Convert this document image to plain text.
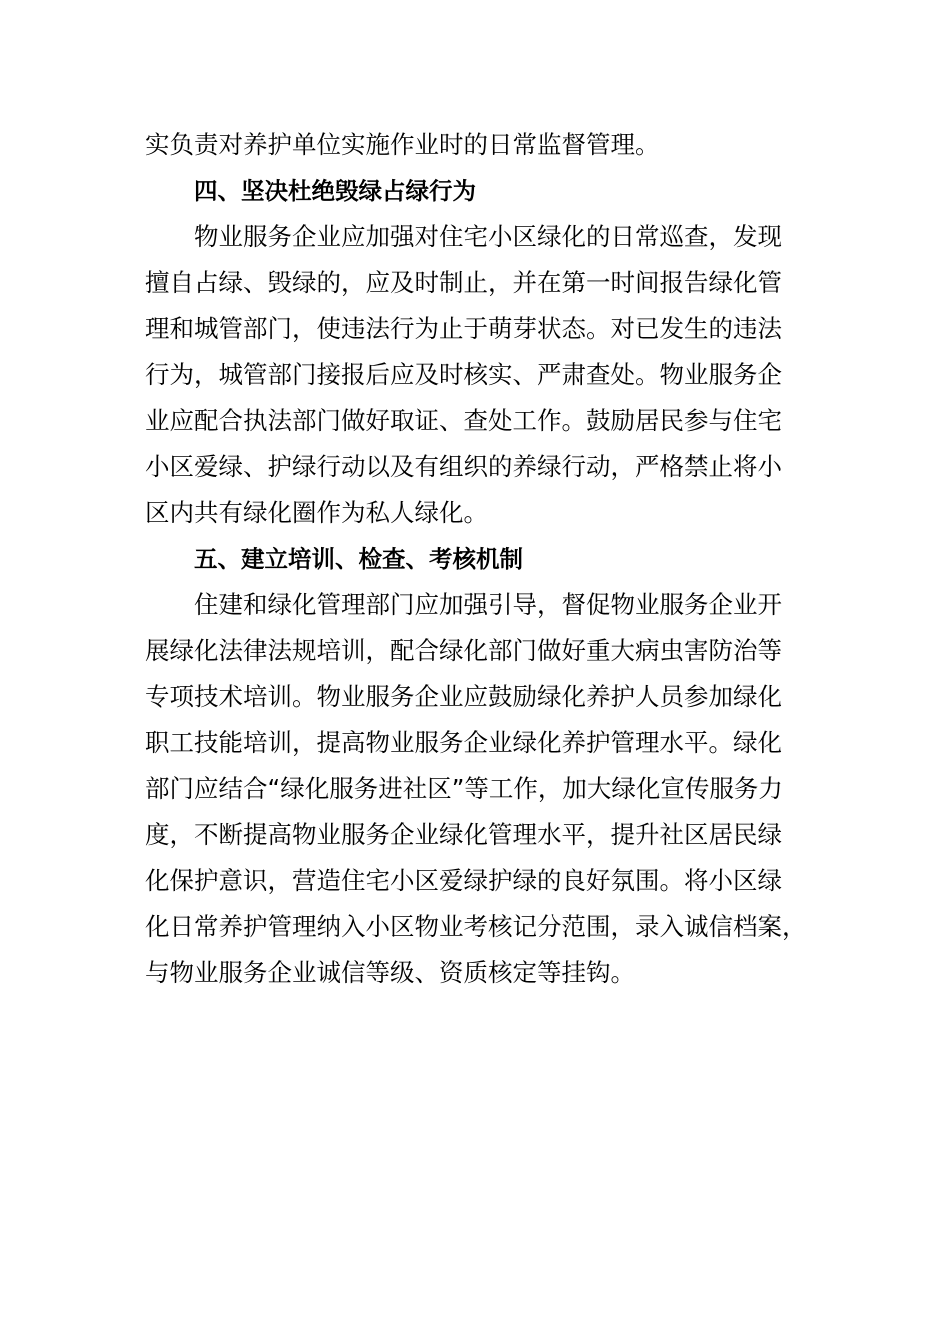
实负责对养护单位实施作业时的日常监督管理。
四、坚决杜绝毁绿占绿行为
物业服务企业应加强对住宅小区绿化的日常巡查，发现
擅自占绿、毁绿的，应及时制止，并在第一时间报告绿化管
理和城管部门，使违法行为止于萌芽状态。对已发生的违法
行为，城管部门接报后应及时核实、严肃查处。物业服务企
业应配合执法部门做好取证、查处工作。鼓励居民参与住宅
小区爱绿、护绿行动以及有组织的养绿行动，严格禁止将小
区内共有绿化圈作为私人绿化。
五、建立培训、检查、考核机制
住建和绿化管理部门应加强引导，督促物业服务企业开
展绿化法律法规培训，配合绿化部门做好重大病虫害防治等
专项技术培训。物业服务企业应鼓励绿化养护人员参加绿化
职工技能培训，提高物业服务企业绿化养护管理水平。绿化
部门应结合“绿化服务进社区”等工作，加大绿化宣传服务力
度，不断提高物业服务企业绿化管理水平，提升社区居民绿
化保护意识，营造住宅小区爱绿护绿的良好氛围。将小区绿
化日常养护管理纳入小区物业考核记分范围，录入诚信档案，
与物业服务企业诚信等级、资质核定等挂钩。
